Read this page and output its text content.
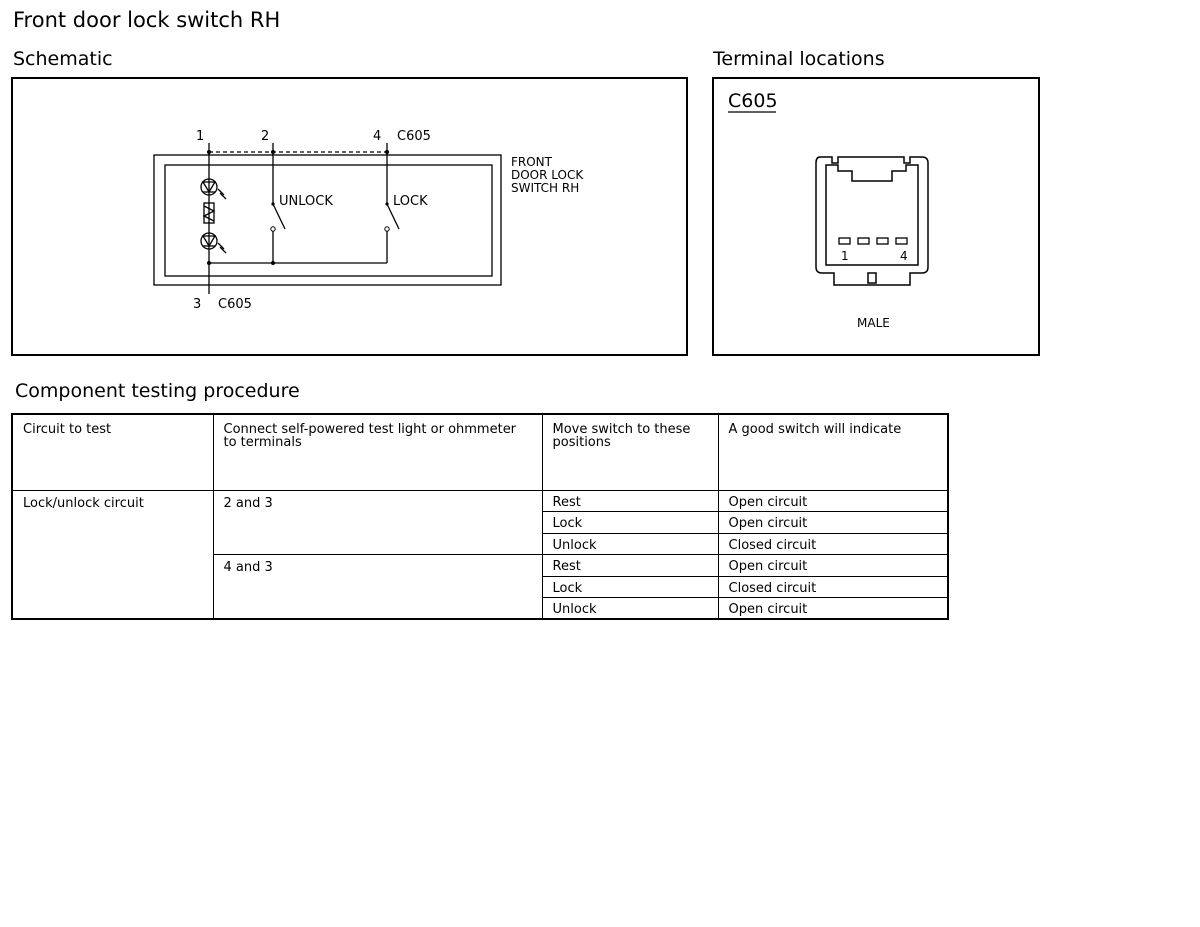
Front door lock switch RH
Schematic
1	2	4 C605
FRONT
DOOR LOCK
SWITCH RH
UNLOCK	LOCK
3 C605
Terminal locations
C605
1	4
MALE
Component testing procedure
Circuit to test	Connect self-powered test light or ohmmeter to terminals	Move switch to these positions	A good switch will indicate
Lock/unlock circuit	2 and 3	Rest	Open circuit
		Lock	Open circuit
		Unlock	Closed circuit
	4 and 3	Rest	Open circuit
		Lock	Closed circuit
		Unlock	Open circuit
